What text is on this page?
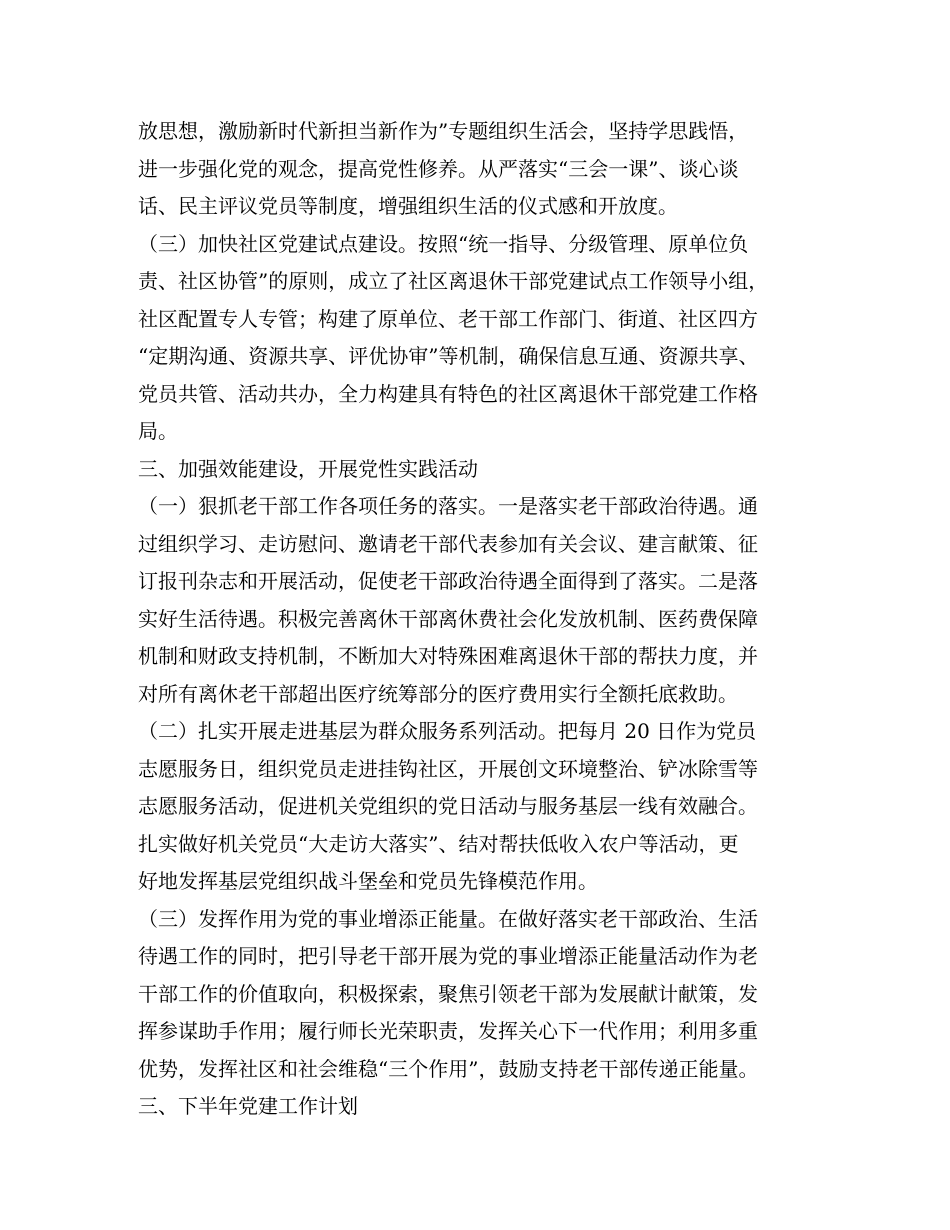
放思想，激励新时代新担当新作为”专题组织生活会，坚持学思践悟，
进一步强化党的观念，提高党性修养。从严落实“三会一课”、谈心谈
话、民主评议党员等制度，增强组织生活的仪式感和开放度。
（三）加快社区党建试点建设。按照“统一指导、分级管理、原单位负
责、社区协管”的原则，成立了社区离退休干部党建试点工作领导小组，
社区配置专人专管；构建了原单位、老干部工作部门、街道、社区四方
“定期沟通、资源共享、评优协审”等机制，确保信息互通、资源共享、
党员共管、活动共办，全力构建具有特色的社区离退休干部党建工作格
局。
三、加强效能建设，开展党性实践活动
（一）狠抓老干部工作各项任务的落实。一是落实老干部政治待遇。通
过组织学习、走访慰问、邀请老干部代表参加有关会议、建言献策、征
订报刊杂志和开展活动，促使老干部政治待遇全面得到了落实。二是落
实好生活待遇。积极完善离休干部离休费社会化发放机制、医药费保障
机制和财政支持机制，不断加大对特殊困难离退休干部的帮扶力度，并
对所有离休老干部超出医疗统筹部分的医疗费用实行全额托底救助。
（二）扎实开展走进基层为群众服务系列活动。把每月 20 日作为党员
志愿服务日，组织党员走进挂钩社区，开展创文环境整治、铲冰除雪等
志愿服务活动，促进机关党组织的党日活动与服务基层一线有效融合。
扎实做好机关党员“大走访大落实”、结对帮扶低收入农户等活动，更
好地发挥基层党组织战斗堡垒和党员先锋模范作用。
（三）发挥作用为党的事业增添正能量。在做好落实老干部政治、生活
待遇工作的同时，把引导老干部开展为党的事业增添正能量活动作为老
干部工作的价值取向，积极探索，聚焦引领老干部为发展献计献策，发
挥参谋助手作用；履行师长光荣职责，发挥关心下一代作用；利用多重
优势，发挥社区和社会维稳“三个作用”，鼓励支持老干部传递正能量。
三、下半年党建工作计划
